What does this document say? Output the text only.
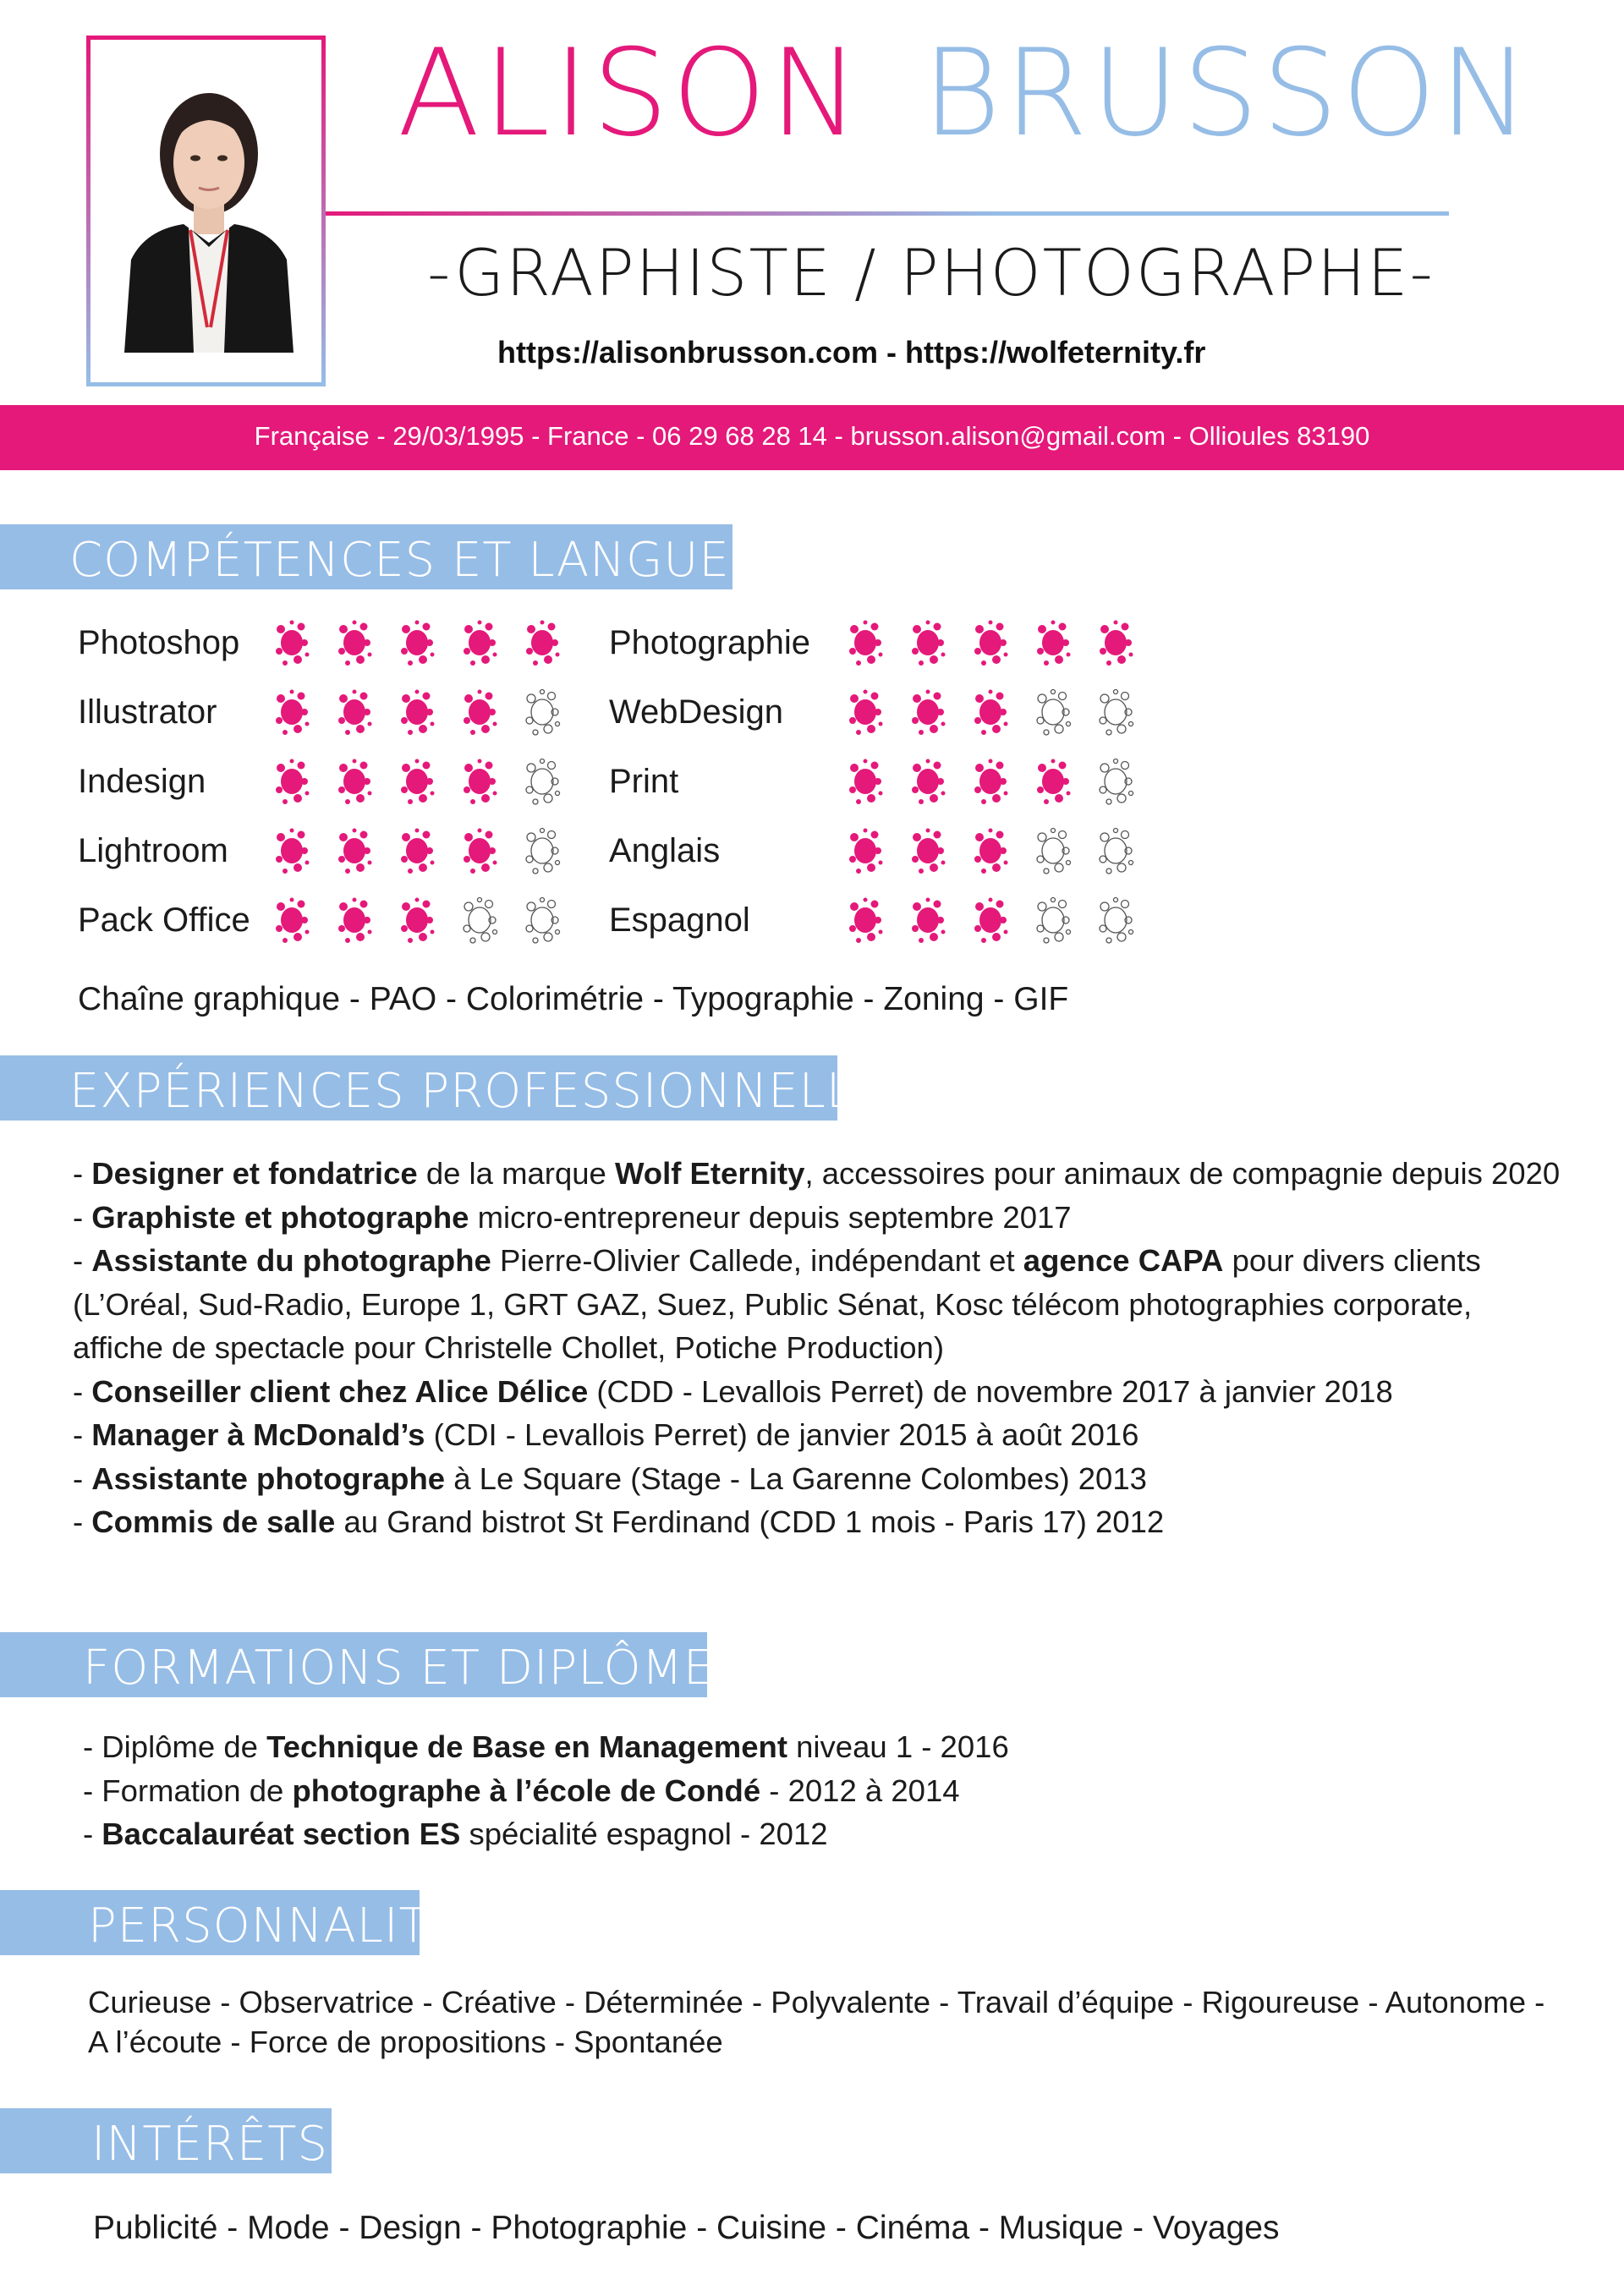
ALISON BRUSSON
-GRAPHISTE / PHOTOGRAPHE-
https://alisonbrusson.com - https://wolfeternity.fr
Française - 29/03/1995 - France - 06 29 68 28 14 - brusson.alison@gmail.com - Ollioules 83190
COMPÉTENCES ET LANGUES
Photoshop
Illustrator
Indesign
Lightroom
Pack Office
Photographie
WebDesign
Print
Anglais
Espagnol
Chaîne graphique - PAO - Colorimétrie - Typographie - Zoning - GIF
EXPÉRIENCES PROFESSIONNELLES

- Designer et fondatrice de la marque Wolf Eternity, accessoires pour animaux de compagnie depuis 2020

- Graphiste et photographe micro-entrepreneur depuis septembre 2017

- Assistante du photographe Pierre-Olivier Callede, indépendant et agence CAPA pour divers clients (L’Oréal, Sud-Radio, Europe 1, GRT GAZ, Suez, Public Sénat, Kosc télécom photographies corporate, affiche de spectacle pour Christelle Chollet, Potiche Production)

- Conseiller client chez Alice Délice (CDD - Levallois Perret) de novembre 2017 à janvier 2018

- Manager à McDonald’s (CDI - Levallois Perret) de janvier 2015 à août 2016

- Assistante photographe à Le Square (Stage - La Garenne Colombes) 2013

- Commis de salle au Grand bistrot St Ferdinand (CDD 1 mois - Paris 17) 2012

FORMATIONS ET DIPLÔMES

- Diplôme de Technique de Base en Management niveau 1 - 2016

- Formation de photographe à l’école de Condé - 2012 à 2014

- Baccalauréat section ES spécialité espagnol - 2012

PERSONNALITÉ
Curieuse - Observatrice - Créative - Déterminée - Polyvalente - Travail d’équipe - Rigoureuse - Autonome - A l’écoute - Force de propositions - Spontanée
INTÉRÊTS
Publicité - Mode - Design - Photographie - Cuisine - Cinéma - Musique - Voyages
